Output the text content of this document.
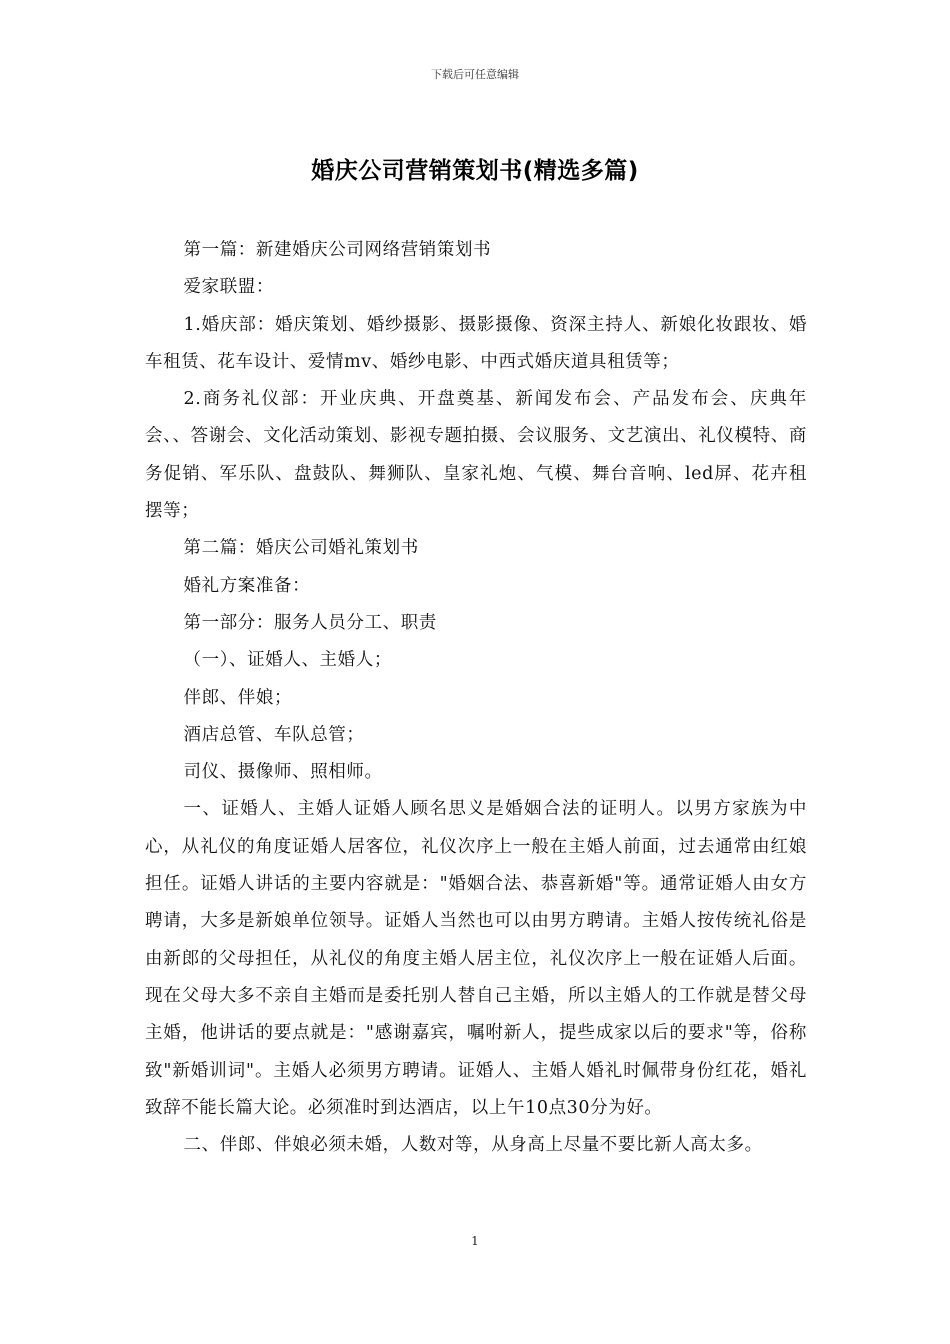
下载后可任意编辑
婚庆公司营销策划书(精选多篇)

第一篇：新建婚庆公司网络营销策划书

爱家联盟：

1.婚庆部：婚庆策划、婚纱摄影、摄影摄像、资深主持人、新娘化妆跟妆、婚车租赁、花车设计、爱情mv、婚纱电影、中西式婚庆道具租赁等；

2.商务礼仪部：开业庆典、开盘奠基、新闻发布会、产品发布会、庆典年会、、答谢会、文化活动策划、影视专题拍摄、会议服务、文艺演出、礼仪模特、商务促销、军乐队、盘鼓队、舞狮队、皇家礼炮、气模、舞台音响、led屏、花卉租摆等；

第二篇：婚庆公司婚礼策划书

婚礼方案准备：

第一部分：服务人员分工、职责

（一）、证婚人、主婚人；

伴郎、伴娘；

酒店总管、车队总管；

司仪、摄像师、照相师。

一、证婚人、主婚人证婚人顾名思义是婚姻合法的证明人。以男方家族为中心，从礼仪的角度证婚人居客位，礼仪次序上一般在主婚人前面，过去通常由红娘担任。证婚人讲话的主要内容就是："婚姻合法、恭喜新婚"等。通常证婚人由女方聘请，大多是新娘单位领导。证婚人当然也可以由男方聘请。主婚人按传统礼俗是由新郎的父母担任，从礼仪的角度主婚人居主位，礼仪次序上一般在证婚人后面。现在父母大多不亲自主婚而是委托别人替自己主婚，所以主婚人的工作就是替父母主婚，他讲话的要点就是："感谢嘉宾，嘱咐新人，提些成家以后的要求"等，俗称致"新婚训词"。主婚人必须男方聘请。证婚人、主婚人婚礼时佩带身份红花，婚礼致辞不能长篇大论。必须准时到达酒店，以上午10点30分为好。

二、伴郎、伴娘必须未婚，人数对等，从身高上尽量不要比新人高太多。

1
